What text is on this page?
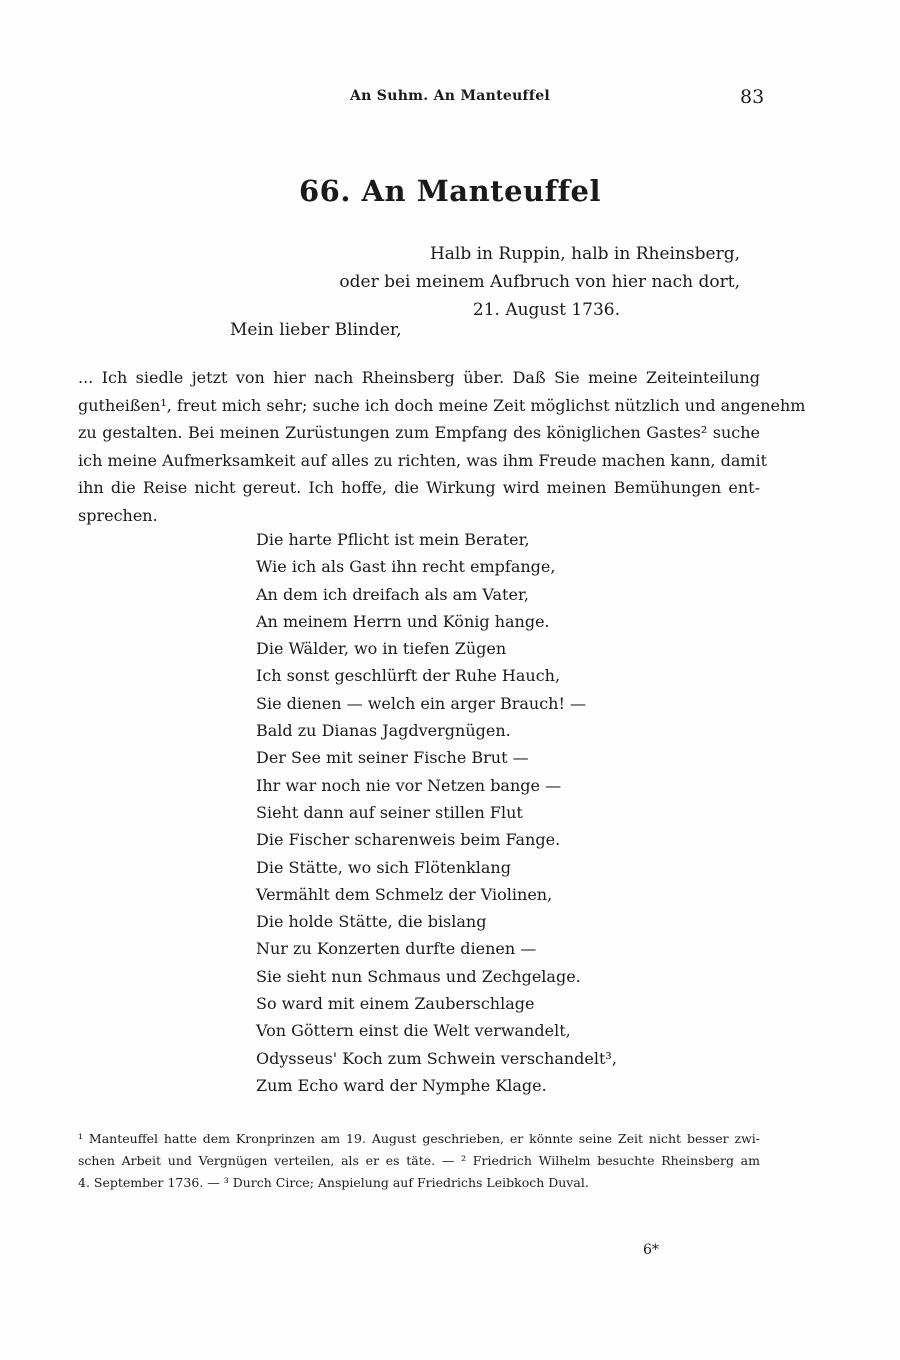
An Suhm. An Manteuffel	83
66. An Manteuffel
Halb in Ruppin, halb in Rheinsberg,
oder bei meinem Aufbruch von hier nach dort,
21. August 1736.
Mein lieber Blinder,
... Ich siedle jetzt von hier nach Rheinsberg über. Daß Sie meine Zeiteinteilung
gutheißen¹, freut mich sehr; suche ich doch meine Zeit möglichst nützlich und angenehm
zu gestalten. Bei meinen Zurüstungen zum Empfang des königlichen Gastes² suche
ich meine Aufmerksamkeit auf alles zu richten, was ihm Freude machen kann, damit
ihn die Reise nicht gereut. Ich hoffe, die Wirkung wird meinen Bemühungen ent-
sprechen.
Die harte Pflicht ist mein Berater,
Wie ich als Gast ihn recht empfange,
An dem ich dreifach als am Vater,
An meinem Herrn und König hange.
Die Wälder, wo in tiefen Zügen
Ich sonst geschlürft der Ruhe Hauch,
Sie dienen — welch ein arger Brauch! —
Bald zu Dianas Jagdvergnügen.
Der See mit seiner Fische Brut —
Ihr war noch nie vor Netzen bange —
Sieht dann auf seiner stillen Flut
Die Fischer scharenweis beim Fange.
Die Stätte, wo sich Flötenklang
Vermählt dem Schmelz der Violinen,
Die holde Stätte, die bislang
Nur zu Konzerten durfte dienen —
Sie sieht nun Schmaus und Zechgelage.
So ward mit einem Zauberschlage
Von Göttern einst die Welt verwandelt,
Odysseus' Koch zum Schwein verschandelt³,
Zum Echo ward der Nymphe Klage.
¹ Manteuffel hatte dem Kronprinzen am 19. August geschrieben, er könnte seine Zeit nicht besser zwi-
schen Arbeit und Vergnügen verteilen, als er es täte. — ² Friedrich Wilhelm besuchte Rheinsberg am
4. September 1736. — ³ Durch Circe; Anspielung auf Friedrichs Leibkoch Duval.
6*
